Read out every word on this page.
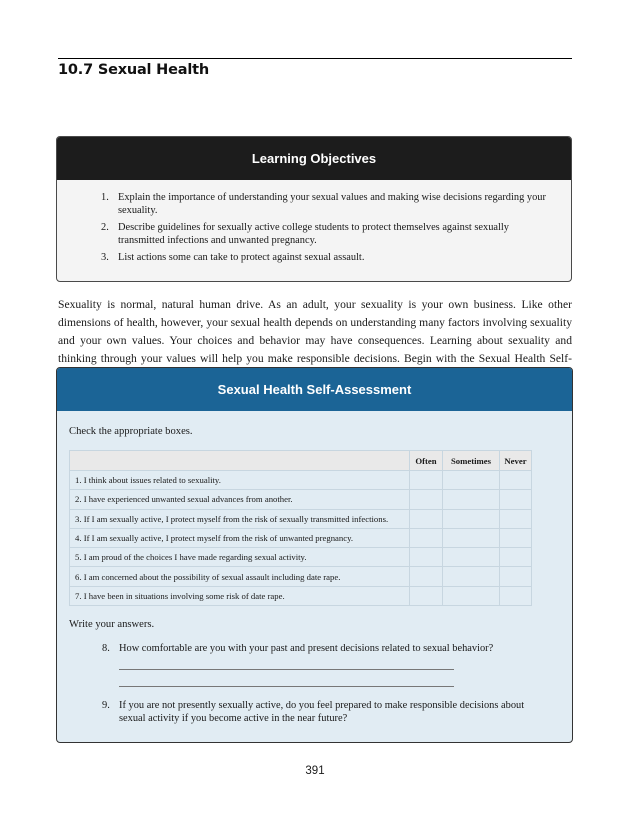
10.7 Sexual Health
Learning Objectives
1. Explain the importance of understanding your sexual values and making wise decisions regarding your sexuality.
2. Describe guidelines for sexually active college students to protect themselves against sexually transmitted infections and unwanted pregnancy.
3. List actions some can take to protect against sexual assault.

Sexuality is normal, natural human drive. As an adult, your sexuality is your own business. Like other dimensions of health, however, your sexual health depends on understanding many factors involving sexuality and your own values. Your choices and behavior may have consequences. Learning about sexuality and thinking through your values will help you make responsible decisions. Begin with the Sexual Health Self-

Sexual Health Self-Assessment
Check the appropriate boxes.
	Often	Sometimes	Never
1. I think about issues related to sexuality.			
2. I have experienced unwanted sexual advances from another.			
3. If I am sexually active, I protect myself from the risk of sexually transmitted infections.			
4. If I am sexually active, I protect myself from the risk of unwanted pregnancy.			
5. I am proud of the choices I have made regarding sexual activity.			
6. I am concerned about the possibility of sexual assault including date rape.			
7. I have been in situations involving some risk of date rape.			
Write your answers.
8. How comfortable are you with your past and present decisions related to sexual behavior?
9. If you are not presently sexually active, do you feel prepared to make responsible decisions about sexual activity if you become active in the near future?
391
